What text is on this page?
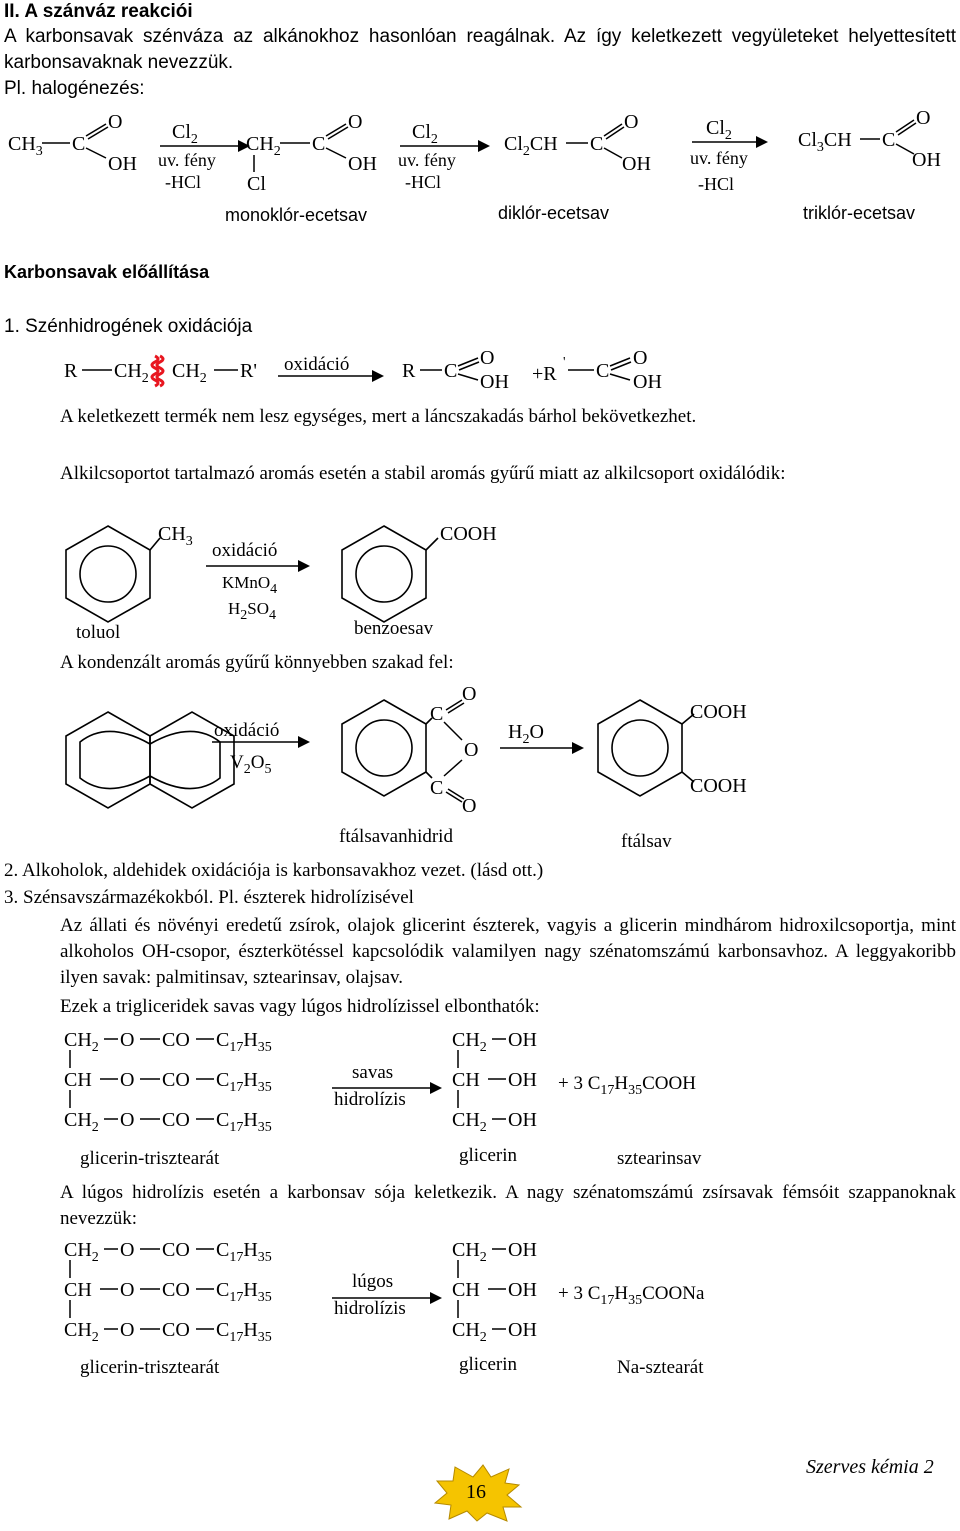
II. A szánváz reakciói
A karbonsavak szénváza az alkánokhoz hasonlóan reagálnak. Az így keletkezett vegyületeket helyettesített karbonsavaknak nevezzük.
Pl. halogénezés:
$CH_3$ C
O
OH
$Cl_2$
uv. fény
-HCl
$CH_2$ C
O
OH
Cl
$Cl_2$
uv. fény
-HCl
$Cl_2CH$ C
O
OH
$Cl_2$
uv. fény
-HCl
$Cl_3CH$ C
O
OH
monoklór-ecetsav	diklór-ecetsav	triklór-ecetsav
Karbonsavak előállítása
1. Szénhidrogének oxidációja
R $CH_2$ $CH_2$ R' oxidáció	R C
O
OH +R
' C
O
OH
A keletkezett termék nem lesz egységes, mert a láncszakadás bárhol bekövetkezhet.
Alkilcsoportot tartalmazó aromás esetén a stabil aromás gyűrű miatt az alkilcsoport oxidálódik:
$CH_3$ oxidáció
KMnO$_4$
$H_2SO_4$
COOH
toluol	benzoesav
A kondenzált aromás gyűrű könnyebben szakad fel:
oxidáció
$V_2O_5$
C
O
O
C
O
$H_2O$
COOH
COOH
ftálsavanhidrid	ftálsav
2. Alkoholok, aldehidek oxidációja is karbonsavakhoz vezet. (lásd ott.)
3. Szénsavszármazékokból. Pl. észterek hidrolízisével
Az állati és növényi eredetű zsírok, olajok glicerint észterek, vagyis a glicerin mindhárom hidroxilcsoportja, mint alkoholos OH-csopor, észterkötéssel kapcsolódik valamilyen nagy szénatomszámú karbonsavhoz. A leggyakoribb ilyen savak: palmitinsav, sztearinsav, olajsav.
Ezek a trigliceridek savas vagy lúgos hidrolízissel elbonthatók:
$CH_2$ O CO $C_{17}H_{35}$
CH O CO $C_{17}H_{35}$
$CH_2$ O CO $C_{17}H_{35}$
$CH_2$ OH
CH OH
$CH_2$ OH
savas
hidrolízis
+ 3 $C_{17}H_{35}COOH$
glicerin-trisztearát	glicerin	sztearinsav
A lúgos hidrolízis esetén a karbonsav sója keletkezik. A nagy szénatomszámú zsírsavak fémsóit szappanoknak nevezzük:
$CH_2$ O CO $C_{17}H_{35}$
CH O CO $C_{17}H_{35}$
$CH_2$ O CO $C_{17}H_{35}$
$CH_2$ OH
CH OH
$CH_2$ OH
lúgos
hidrolízis
+ 3 $C_{17}H_{35}COONa$
glicerin-trisztearát	glicerin	Na-sztearát
16
Szerves kémia 2
